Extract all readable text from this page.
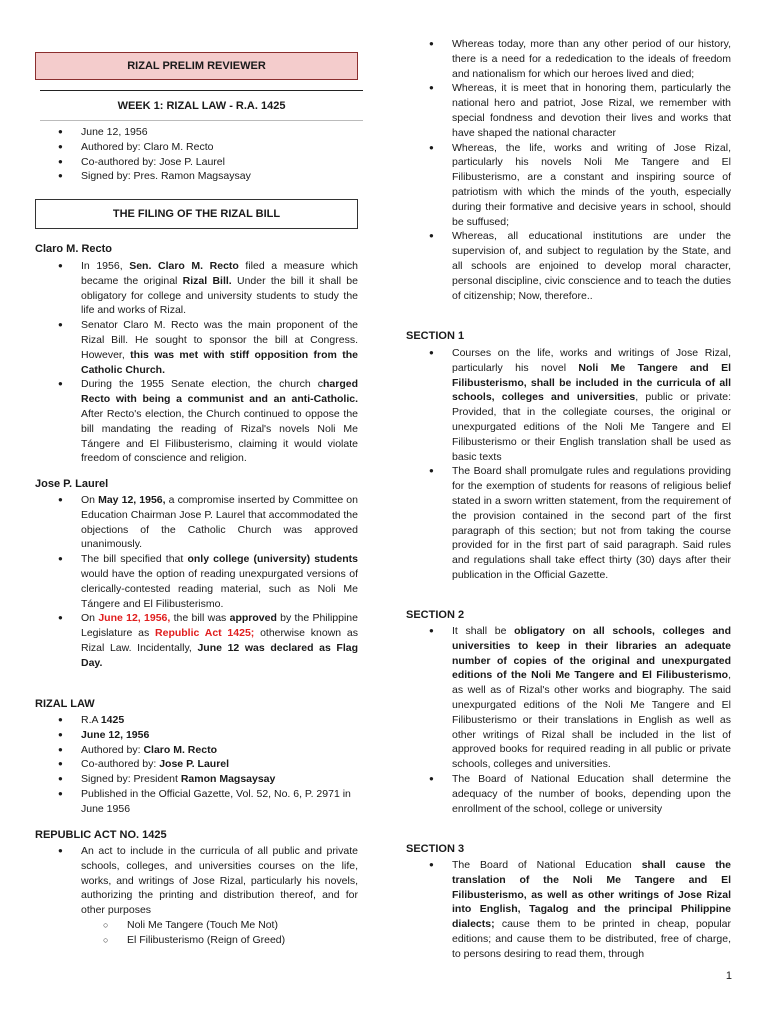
RIZAL PRELIM REVIEWER
WEEK 1: RIZAL LAW - R.A. 1425
● June 12, 1956
● Authored by: Claro M. Recto
● Co-authored by: Jose P. Laurel
● Signed by: Pres. Ramon Magsaysay
THE FILING OF THE RIZAL BILL
Claro M. Recto
● In 1956, Sen. Claro M. Recto filed a measure which became the original Rizal Bill. Under the bill it shall be obligatory for college and university students to study the life and works of Rizal.
● Senator Claro M. Recto was the main proponent of the Rizal Bill. He sought to sponsor the bill at Congress. However, this was met with stiff opposition from the Catholic Church.
● During the 1955 Senate election, the church charged Recto with being a communist and an anti-Catholic. After Recto's election, the Church continued to oppose the bill mandating the reading of Rizal's novels Noli Me Tángere and El Filibusterismo, claiming it would violate freedom of conscience and religion.
Jose P. Laurel
● On May 12, 1956, a compromise inserted by Committee on Education Chairman Jose P. Laurel that accommodated the objections of the Catholic Church was approved unanimously.
● The bill specified that only college (university) students would have the option of reading unexpurgated versions of clerically-contested reading material, such as Noli Me Tángere and El Filibusterismo.
● On June 12, 1956, the bill was approved by the Philippine Legislature as Republic Act 1425; otherwise known as Rizal Law. Incidentally, June 12 was declared as Flag Day.
RIZAL LAW
● R.A 1425
● June 12, 1956
● Authored by: Claro M. Recto
● Co-authored by: Jose P. Laurel
● Signed by: President Ramon Magsaysay
● Published in the Official Gazette, Vol. 52, No. 6, P. 2971 in June 1956
REPUBLIC ACT NO. 1425
● An act to include in the curricula of all public and private schools, colleges, and universities courses on the life, works, and writings of Jose Rizal, particularly his novels, authorizing the printing and distribution thereof, and for other purposes
○ Noli Me Tangere (Touch Me Not)
○ El Filibusterismo (Reign of Greed)
● Whereas today, more than any other period of our history, there is a need for a rededication to the ideals of freedom and nationalism for which our heroes lived and died;
● Whereas, it is meet that in honoring them, particularly the national hero and patriot, Jose Rizal, we remember with special fondness and devotion their lives and works that have shaped the national character
● Whereas, the life, works and writing of Jose Rizal, particularly his novels Noli Me Tangere and El Filibusterismo, are a constant and inspiring source of patriotism with which the minds of the youth, especially during their formative and decisive years in school, should be suffused;
● Whereas, all educational institutions are under the supervision of, and subject to regulation by the State, and all schools are enjoined to develop moral character, personal discipline, civic conscience and to teach the duties of citizenship; Now, therefore..
SECTION 1
● Courses on the life, works and writings of Jose Rizal, particularly his novel Noli Me Tangere and El Filibusterismo, shall be included in the curricula of all schools, colleges and universities, public or private: Provided, that in the collegiate courses, the original or unexpurgated editions of the Noli Me Tangere and El Filibusterismo or their English translation shall be used as basic texts
● The Board shall promulgate rules and regulations providing for the exemption of students for reasons of religious belief stated in a sworn written statement, from the requirement of the provision contained in the second part of the first paragraph of this section; but not from taking the course provided for in the first part of said paragraph. Said rules and regulations shall take effect thirty (30) days after their publication in the Official Gazette.
SECTION 2
● It shall be obligatory on all schools, colleges and universities to keep in their libraries an adequate number of copies of the original and unexpurgated editions of the Noli Me Tangere and El Filibusterismo, as well as of Rizal's other works and biography. The said unexpurgated editions of the Noli Me Tangere and El Filibusterismo or their translations in English as well as other writings of Rizal shall be included in the list of approved books for required reading in all public or private schools, colleges and universities.
● The Board of National Education shall determine the adequacy of the number of books, depending upon the enrollment of the school, college or university
SECTION 3
● The Board of National Education shall cause the translation of the Noli Me Tangere and El Filibusterismo, as well as other writings of Jose Rizal into English, Tagalog and the principal Philippine dialects; cause them to be printed in cheap, popular editions; and cause them to be distributed, free of charge, to persons desiring to read them, through
1
